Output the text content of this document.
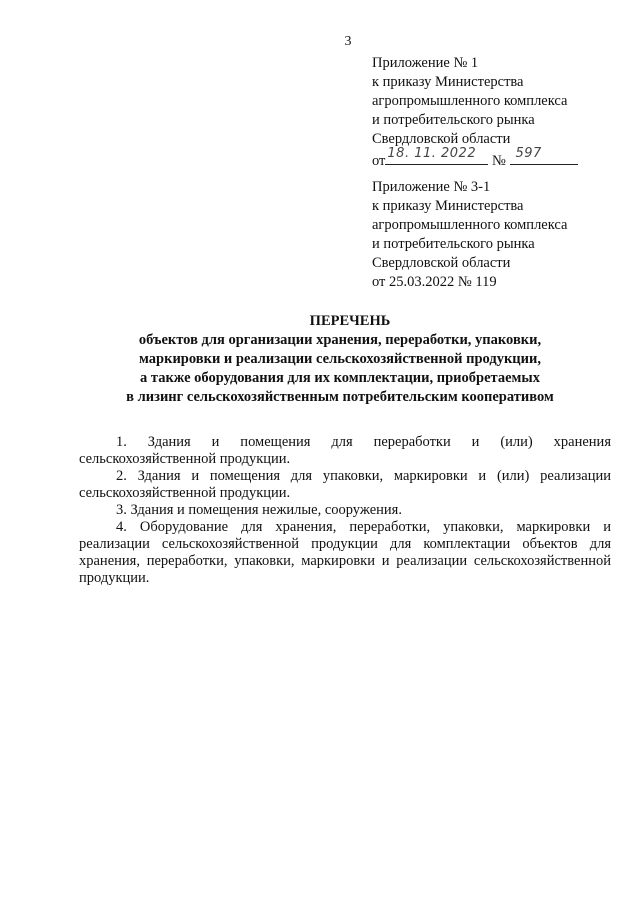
3
Приложение № 1
к приказу Министерства
агропромышленного комплекса
и потребительского рынка
Свердловской области
от 18. 11. 2022 № 597
Приложение № 3-1
к приказу Министерства
агропромышленного комплекса
и потребительского рынка
Свердловской области
от 25.03.2022 № 119
ПЕРЕЧЕНЬ
объектов для организации хранения, переработки, упаковки,
маркировки и реализации сельскохозяйственной продукции,
а также оборудования для их комплектации, приобретаемых
в лизинг сельскохозяйственным потребительским кооперативом

1. Здания и помещения для переработки и (или) хранения сельскохозяйственной продукции.

2. Здания и помещения для упаковки, маркировки и (или) реализации сельскохозяйственной продукции.

3. Здания и помещения нежилые, сооружения.

4. Оборудование для хранения, переработки, упаковки, маркировки и реализации сельскохозяйственной продукции для комплектации объектов для хранения, переработки, упаковки, маркировки и реализации сельскохозяйственной продукции.
